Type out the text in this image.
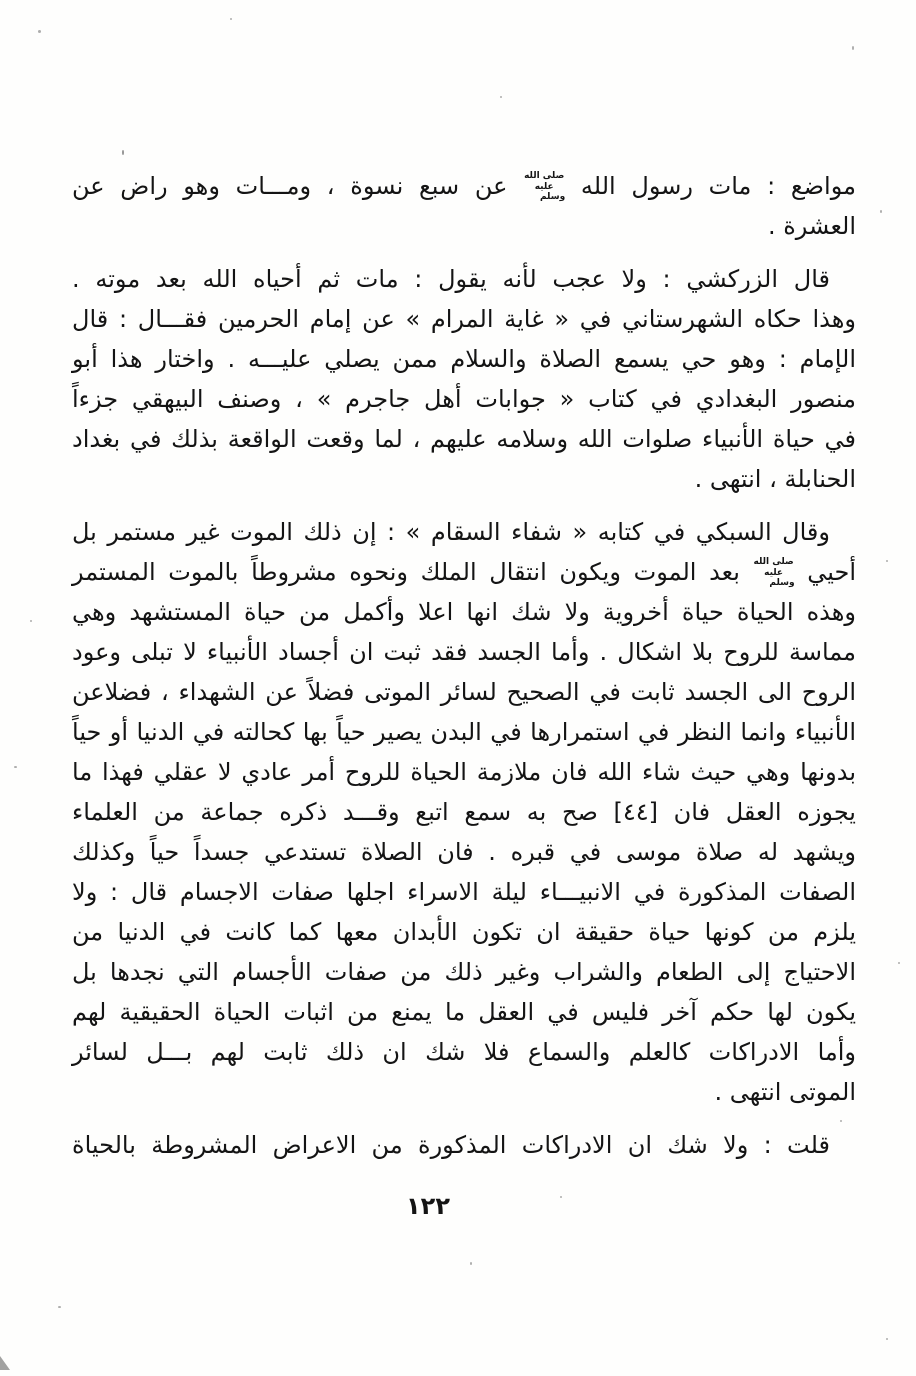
مواضع : مات رسول الله صلى الله عليه وسلم عن سبع نسوة ، ومـــات وهو راض عن
العشرة .
قال الزركشي : ولا عجب لأنه يقول : مات ثم أحياه الله بعد موته .
وهذا حكاه الشهرستاني في « غاية المرام » عن إمام الحرمين فقـــال : قال
الإمام : وهو حي يسمع الصلاة والسلام ممن يصلي عليـــه . واختار هذا أبو
منصور البغدادي في كتاب « جوابات أهل جاجرم » ، وصنف البيهقي جزءاً
في حياة الأنبياء صلوات الله وسلامه عليهم ، لما وقعت الواقعة بذلك في بغداد
الحنابلة ، انتهى .
وقال السبكي في كتابه « شفاء السقام » : إن ذلك الموت غير مستمر بل
أحيي صلى الله عليه وسلم بعد الموت ويكون انتقال الملك ونحوه مشروطاً بالموت المستمر
وهذه الحياة حياة أخروية ولا شك انها اعلا وأكمل من حياة المستشهد وهي
مماسة للروح بلا اشكال . وأما الجسد فقد ثبت ان أجساد الأنبياء لا تبلى وعود
الروح الى الجسد ثابت في الصحيح لسائر الموتى فضلاً عن الشهداء ، فضلاعن
الأنبياء وانما النظر في استمرارها في البدن يصير حياً بها كحالته في الدنيا أو حياً
بدونها وهي حيث شاء الله فان ملازمة الحياة للروح أمر عادي لا عقلي فهذا ما
يجوزه العقل فان [٤٤] صح به سمع اتبع وقـــد ذكره جماعة من العلماء
ويشهد له صلاة موسى في قبره . فان الصلاة تستدعي جسداً حياً وكذلك
الصفات المذكورة في الانبيـــاء ليلة الاسراء اجلها صفات الاجسام قال : ولا
يلزم من كونها حياة حقيقة ان تكون الأبدان معها كما كانت في الدنيا من
الاحتياج إلى الطعام والشراب وغير ذلك من صفات الأجسام التي نجدها بل
يكون لها حكم آخر فليس في العقل ما يمنع من اثبات الحياة الحقيقية لهم
وأما الادراكات كالعلم والسماع فلا شك ان ذلك ثابت لهم بـــل لسائر
الموتى انتهى .
قلت : ولا شك ان الادراكات المذكورة من الاعراض المشروطة بالحياة
١٢٢
